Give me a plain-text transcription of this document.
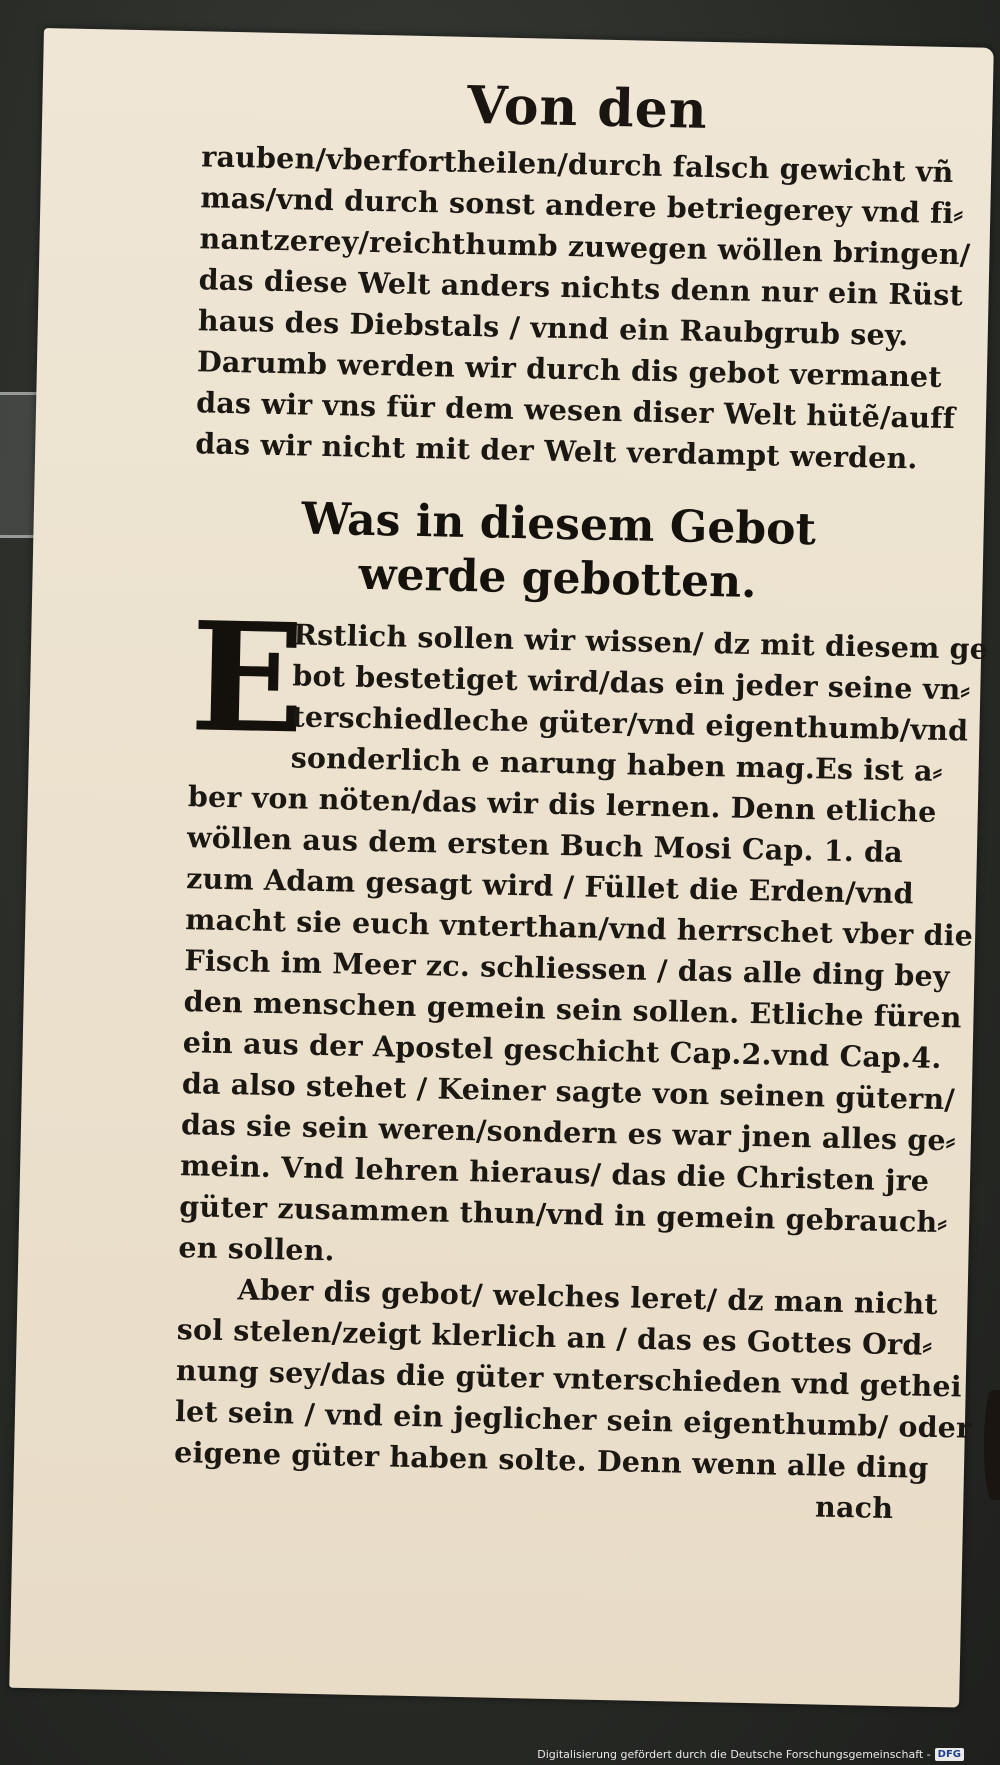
Von den
rauben/vberfortheilen/durch falsch gewicht vñ
mas/vnd durch sonst andere betriegerey vnd fi⸗
nantzerey/reichthumb zuwegen wöllen bringen/
das diese Welt anders nichts denn nur ein Rüst
haus des Diebstals / vnnd ein Raubgrub sey.
Darumb werden wir durch dis gebot vermanet
das wir vns für dem wesen diser Welt hütẽ/auff
das wir nicht mit der Welt verdampt werden.
Was in diesem Gebot
werde gebotten.
E
Rstlich sollen wir wissen/ dz mit diesem ge
bot bestetiget wird/das ein jeder seine vn⸗
terschiedleche güter/vnd eigenthumb/vnd
sonderlich e narung haben mag.Es ist a⸗
ber von nöten/das wir dis lernen. Denn etliche
wöllen aus dem ersten Buch Mosi Cap. 1. da
zum Adam gesagt wird / Füllet die Erden/vnd
macht sie euch vnterthan/vnd herrschet vber die
Fisch im Meer zc. schliessen / das alle ding bey
den menschen gemein sein sollen. Etliche füren
ein aus der Apostel geschicht Cap.2.vnd Cap.4.
da also stehet / Keiner sagte von seinen gütern/
das sie sein weren/sondern es war jnen alles ge⸗
mein. Vnd lehren hieraus/ das die Christen jre
güter zusammen thun/vnd in gemein gebrauch⸗
en sollen.
Aber dis gebot/ welches leret/ dz man nicht
sol stelen/zeigt klerlich an / das es Gottes Ord⸗
nung sey/das die güter vnterschieden vnd gethei
let sein / vnd ein jeglicher sein eigenthumb/ oder
eigene güter haben solte. Denn wenn alle ding
nach
Digitalisierung gefördert durch die Deutsche Forschungsgemeinschaft - DFG
